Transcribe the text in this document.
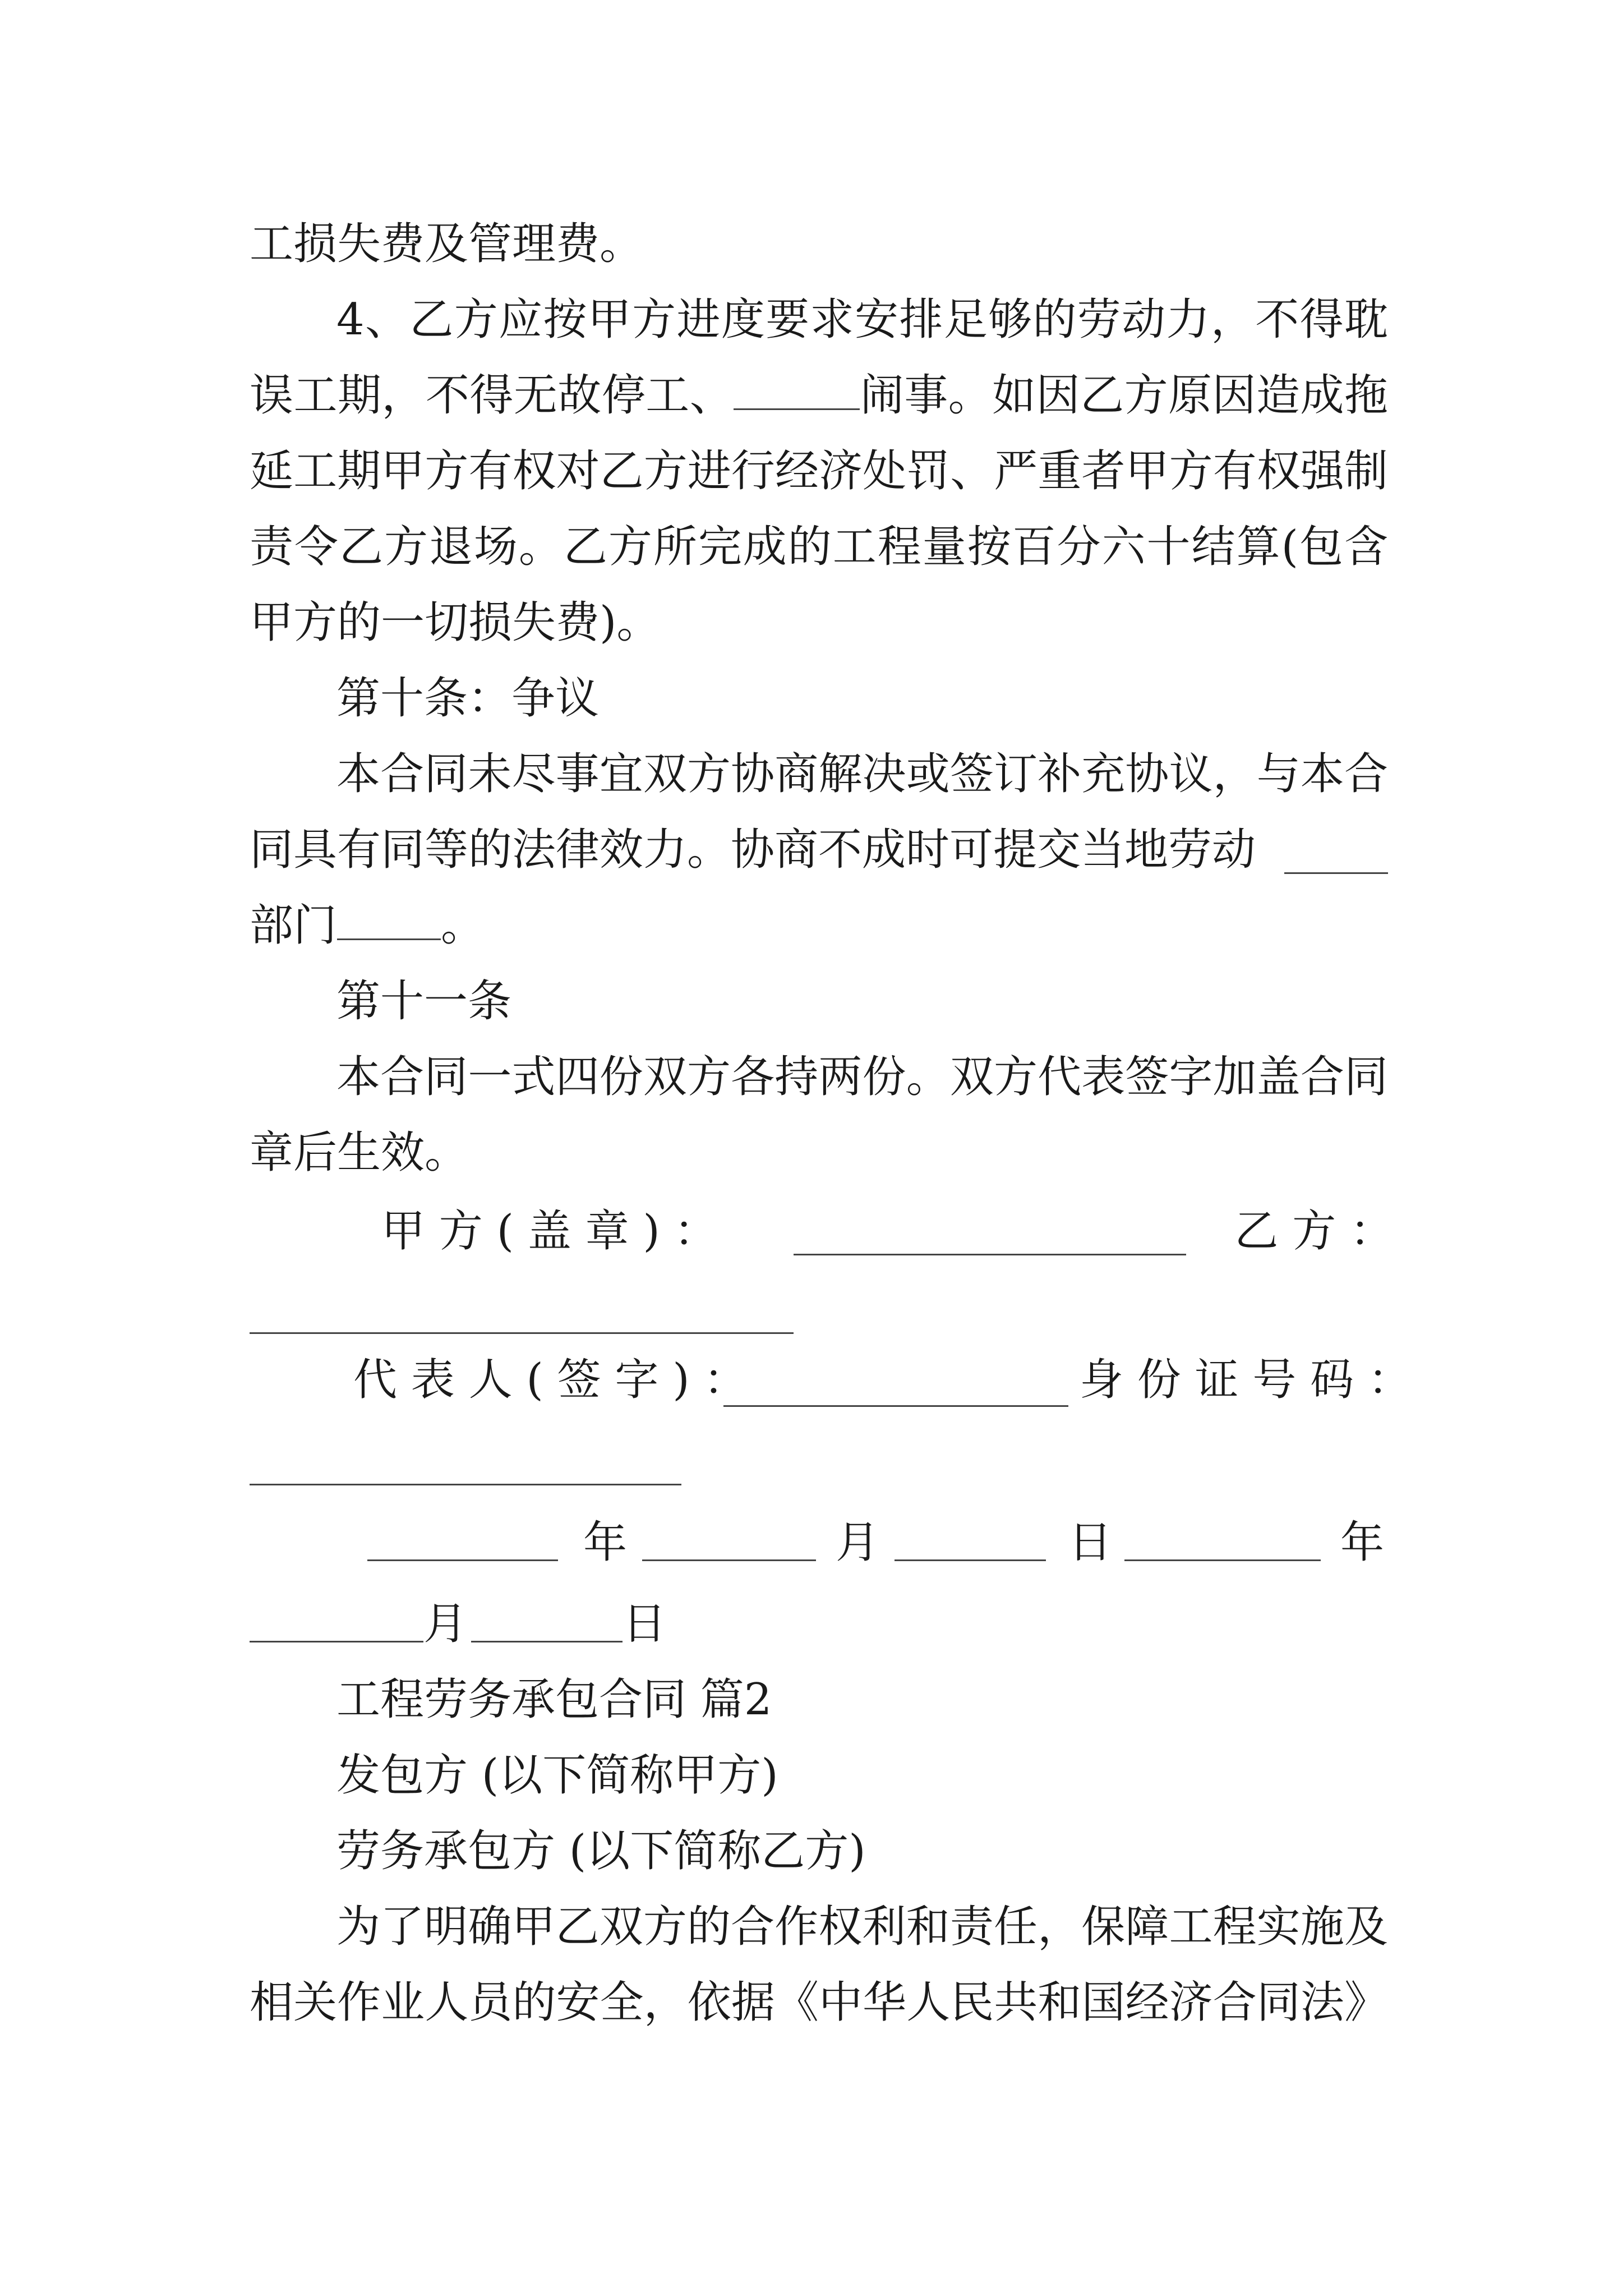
工损失费及管理费。
4、乙方应按甲方进度要求安排足够的劳动力，不得耽
误工期，不得无故停工、	闹事。如因乙方原因造成拖
延工期甲方有权对乙方进行经济处罚、严重者甲方有权强制
责令乙方退场。乙方所完成的工程量按百分六十结算(包含
甲方的一切损失费)。
第十条：争议
本合同未尽事宜双方协商解决或签订补充协议，与本合
同具有同等的法律效力。协商不成时可提交当地劳动
部门 。
第十一条
本合同一式四份双方各持两份。双方代表签字加盖合同
章后生效。
甲 方 ( 盖 章 ) ：	乙 方 ：
代 表 人 ( 签 字 ) ：	身 份 证 号 码 ：
年	月	日	年
月	日
工程劳务承包合同 篇2
发包方 (以下简称甲方)
劳务承包方 (以下简称乙方)
为了明确甲乙双方的合作权利和责任，保障工程实施及
相关作业人员的安全，依据《中华人民共和国经济合同法》
